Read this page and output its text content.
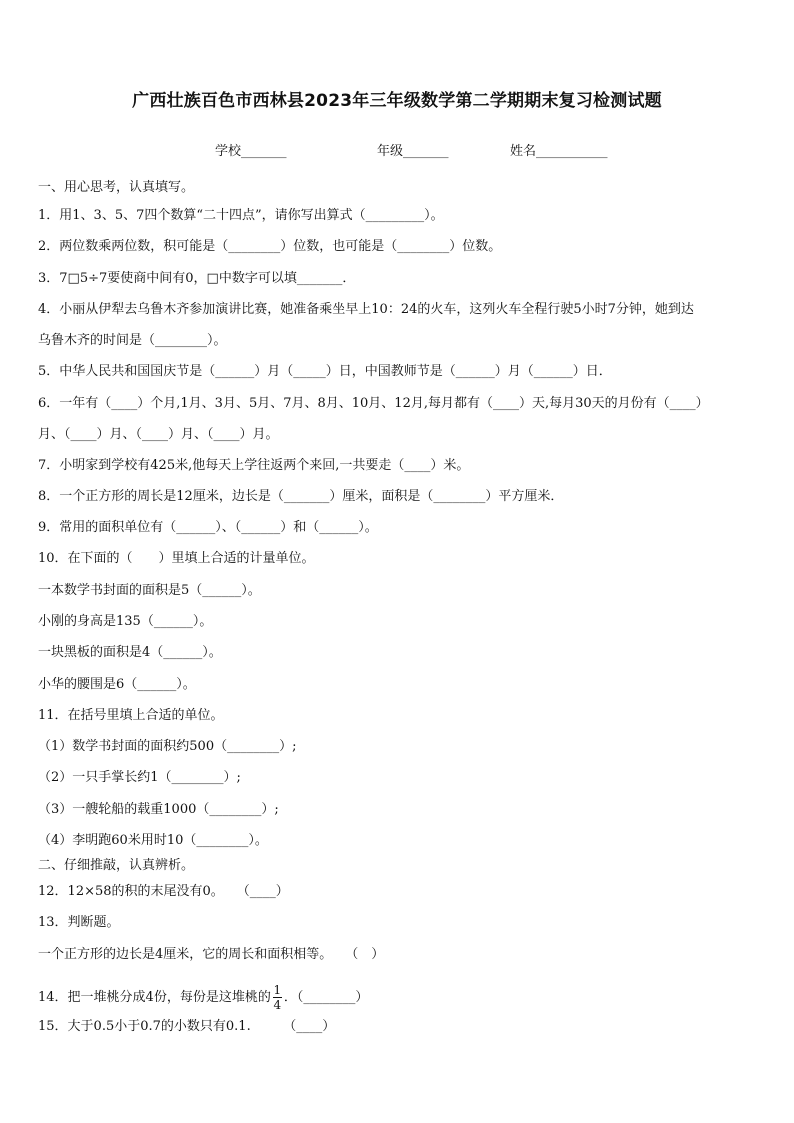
广西壮族百色市西林县2023年三年级数学第二学期期末复习检测试题
学校_______	年级_______	姓名___________
一、用心思考，认真填写。
1．用1、3、5、7四个数算“二十四点”，请你写出算式（_________）。
2．两位数乘两位数，积可能是（________）位数，也可能是（________）位数。
3．7□5÷7要使商中间有0，□中数字可以填_______．
4．小丽从伊犁去乌鲁木齐参加演讲比赛，她准备乘坐早上10：24的火车，这列火车全程行驶5小时7分钟，她到达
乌鲁木齐的时间是（________）。
5．中华人民共和国国庆节是（______）月（_____）日，中国教师节是（______）月（______）日．
6．一年有（____）个月,1月、3月、5月、7月、8月、10月、12月,每月都有（____）天,每月30天的月份有（____）
月、（____）月、（____）月、（____）月。
7．小明家到学校有425米,他每天上学往返两个来回,一共要走（____）米。
8．一个正方形的周长是12厘米，边长是（_______）厘米，面积是（________）平方厘米．
9．常用的面积单位有（______）、（______）和（______）。
10．在下面的（　　）里填上合适的计量单位。
一本数学书封面的面积是5（______）。
小刚的身高是135（______）。
一块黑板的面积是4（______）。
小华的腰围是6（______）。
11．在括号里填上合适的单位。
（1）数学书封面的面积约500（________）;
（2）一只手掌长约1（________）;
（3）一艘轮船的载重1000（________）;
（4）李明跑60米用时10（________）。
二、仔细推敲，认真辨析。
12．12×58的积的末尾没有0。　　（____）
13．判断题。
一个正方形的边长是4厘米，它的周长和面积相等。　　（　）
14．把一堆桃分成4份，每份是这堆桃的 $\frac{1}{4}$ ．（________）
15．大于0.5小于0.7的小数只有0.1.　　　（____）
